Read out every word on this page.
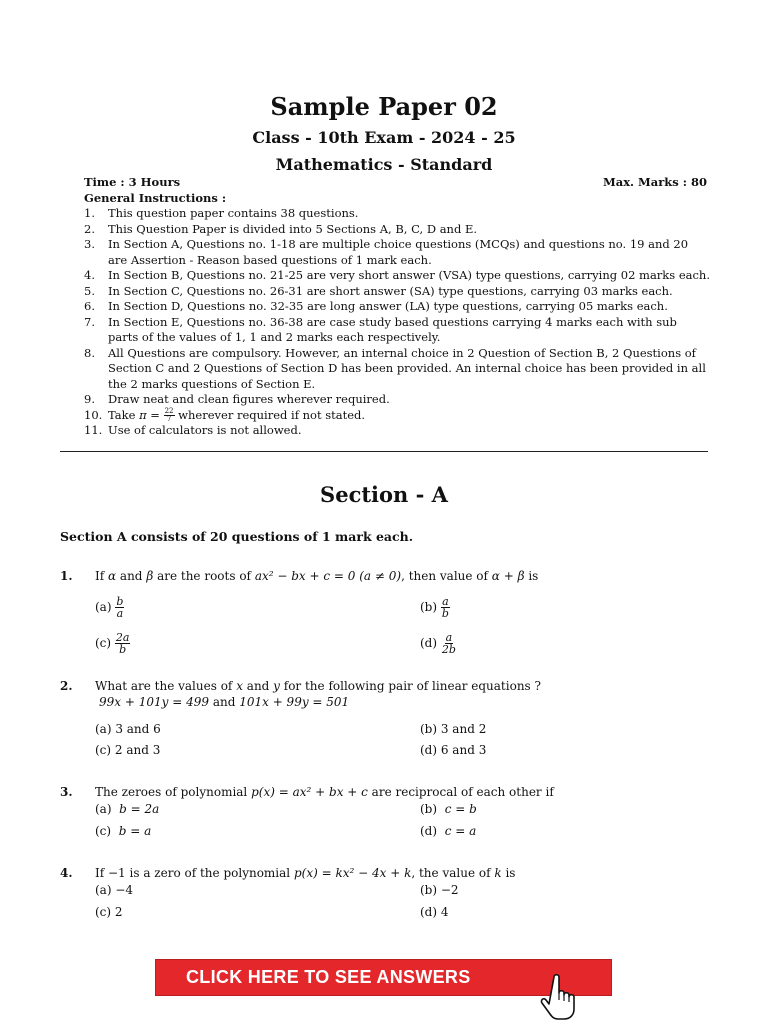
Sample Paper 02
Class - 10th Exam - 2024 - 25
Mathematics - Standard
Time : 3 Hours	Max. Marks : 80
General Instructions :
1. This question paper contains 38 questions.
2. This Question Paper is divided into 5 Sections A, B, C, D and E.
3. In Section A, Questions no. 1-18 are multiple choice questions (MCQs) and questions no. 19 and 20 are Assertion - Reason based questions of 1 mark each.
4. In Section B, Questions no. 21-25 are very short answer (VSA) type questions, carrying 02 marks each.
5. In Section C, Questions no. 26-31 are short answer (SA) type questions, carrying 03 marks each.
6. In Section D, Questions no. 32-35 are long answer (LA) type questions, carrying 05 marks each.
7. In Section E, Questions no. 36-38 are case study based questions carrying 4 marks each with sub parts of the values of 1, 1 and 2 marks each respectively.
8. All Questions are compulsory. However, an internal choice in 2 Question of Section B, 2 Questions of Section C and 2 Questions of Section D has been provided. An internal choice has been provided in all the 2 marks questions of Section E.
9. Draw neat and clean figures wherever required.
10. Take $\pi = \frac{22}{7}$ wherever required if not stated.
11. Use of calculators is not allowed.
Section - A
Section A consists of 20 questions of 1 mark each.
1. If α and β are the roots of ax² − bx + c = 0 (a ≠ 0), then value of α + β is
$(a) \frac{b}{a}$	$(b) \frac{a}{b}$
$(c) \frac{2a}{b}$	$(d) \frac{a}{2b}$
2. What are the values of x and y for the following pair of linear equations ?
99x + 101y = 499 and 101x + 99y = 501
(a) 3 and 6	(b) 3 and 2
(c) 2 and 3	(d) 6 and 3
3. The zeroes of polynomial p(x) = ax² + bx + c are reciprocal of each other if
(a) b = 2a	(b) c = b
(c) b = a	(d) c = a
4. If −1 is a zero of the polynomial p(x) = kx² − 4x + k, the value of k is
(a) −4	(b) −2
(c) 2	(d) 4
CLICK HERE TO SEE ANSWERS
